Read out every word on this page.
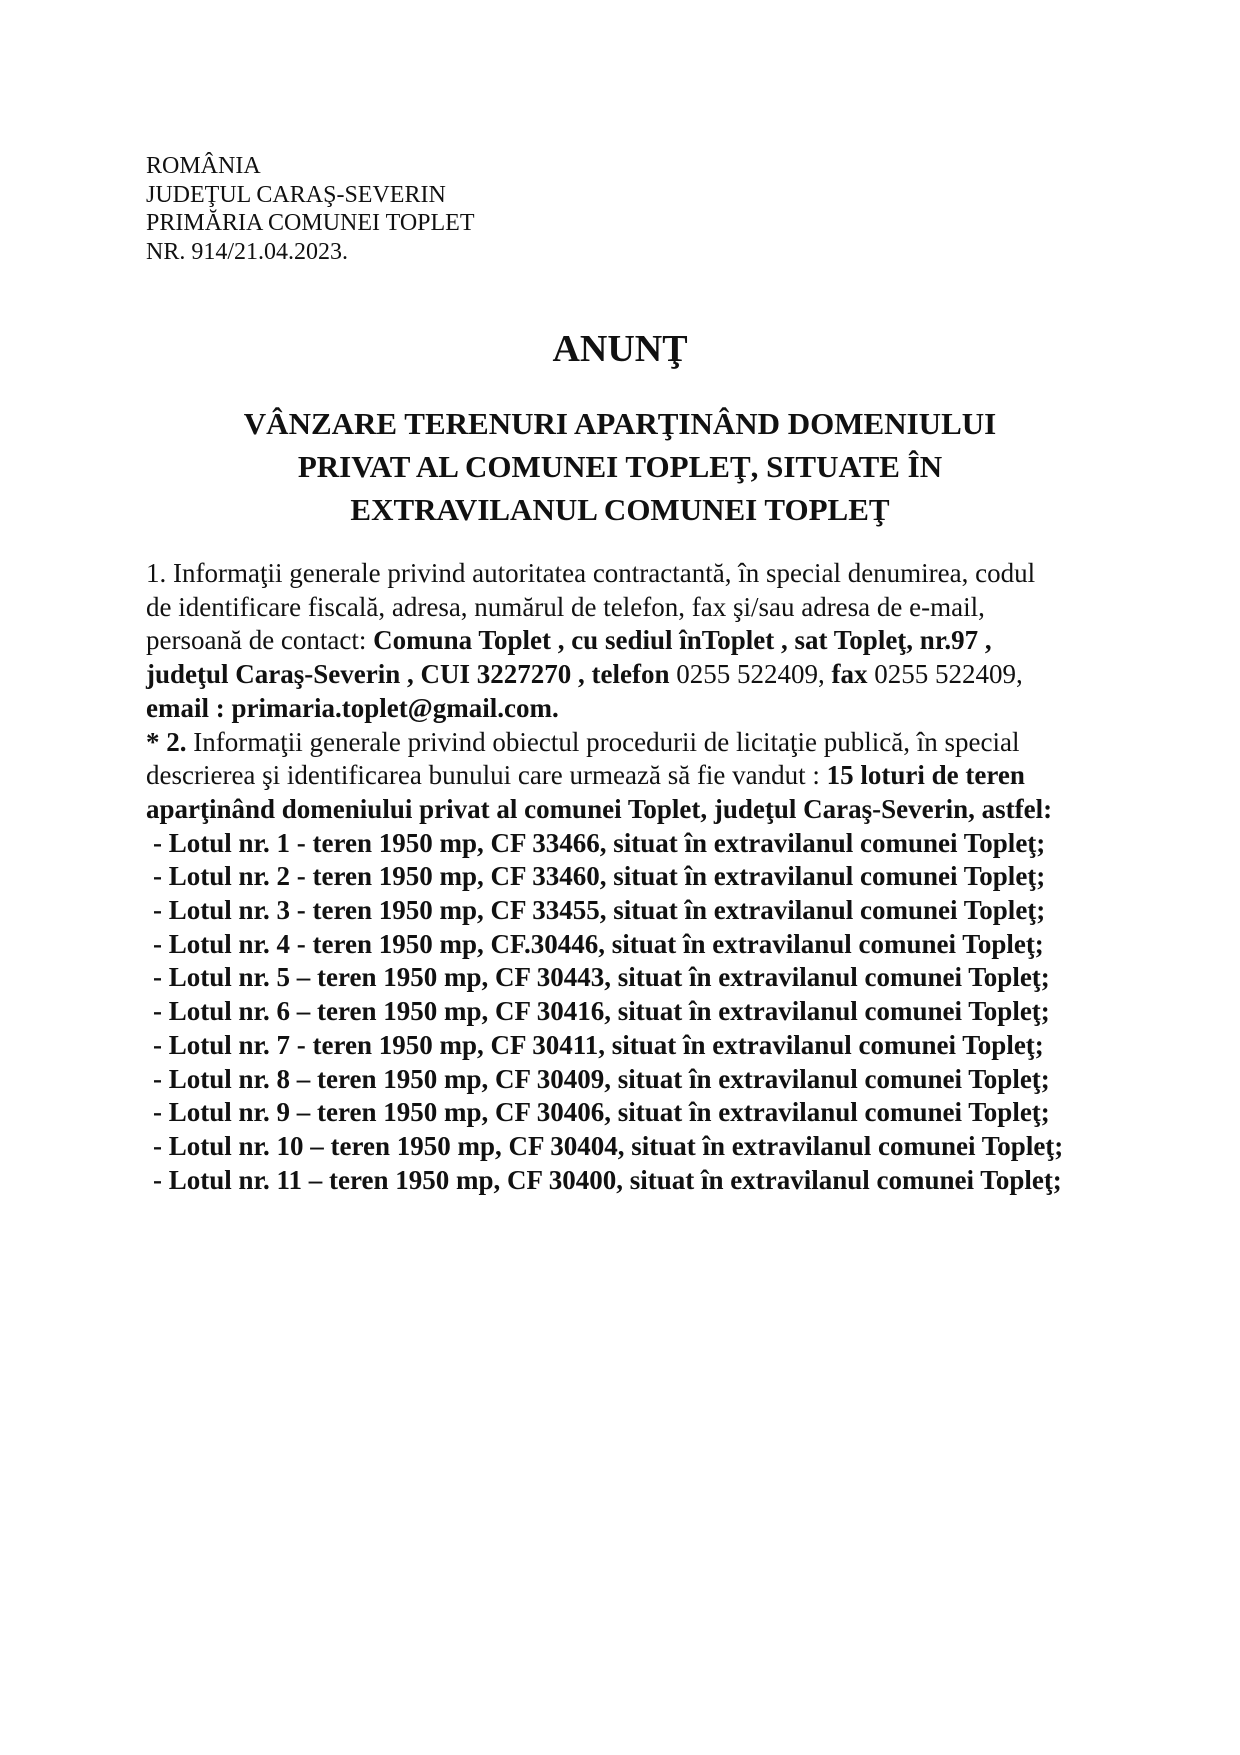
ROMÂNIA
JUDEŢUL CARAŞ-SEVERIN
PRIMĂRIA COMUNEI TOPLET
NR. 914/21.04.2023.
ANUNŢ
VÂNZARE TERENURI APARŢINÂND DOMENIULUI
PRIVAT AL COMUNEI TOPLEŢ, SITUATE ÎN
EXTRAVILANUL COMUNEI TOPLEŢ

1. Informaţii generale privind autoritatea contractantă, în special denumirea, codul de identificare fiscală, adresa, numărul de telefon, fax şi/sau adresa de e-mail, persoană de contact: Comuna Toplet , cu sediul înToplet , sat Topleţ, nr.97 , judeţul Caraş-Severin , CUI 3227270 , telefon 0255 522409, fax 0255 522409, email : primaria.toplet@gmail.com.

* 2. Informaţii generale privind obiectul procedurii de licitaţie publică, în special descrierea şi identificarea bunului care urmează să fie vandut : 15 loturi de teren aparţinând domeniului privat al comunei Toplet, judeţul Caraş-Severin, astfel:

- Lotul nr. 1 - teren 1950 mp, CF 33466, situat în extravilanul comunei Topleţ;

- Lotul nr. 2 - teren 1950 mp, CF 33460, situat în extravilanul comunei Topleţ;

- Lotul nr. 3 - teren 1950 mp, CF 33455, situat în extravilanul comunei Topleţ;

- Lotul nr. 4 - teren 1950 mp, CF.30446, situat în extravilanul comunei Topleţ;

- Lotul nr. 5 – teren 1950 mp, CF 30443, situat în extravilanul comunei Topleţ;

- Lotul nr. 6 – teren 1950 mp, CF 30416, situat în extravilanul comunei Topleţ;

- Lotul nr. 7 - teren 1950 mp, CF 30411, situat în extravilanul comunei Topleţ;

- Lotul nr. 8 – teren 1950 mp, CF 30409, situat în extravilanul comunei Topleţ;

- Lotul nr. 9 – teren 1950 mp, CF 30406, situat în extravilanul comunei Topleţ;

- Lotul nr. 10 – teren 1950 mp, CF 30404, situat în extravilanul comunei Topleţ;

- Lotul nr. 11 – teren 1950 mp, CF 30400, situat în extravilanul comunei Topleţ;
